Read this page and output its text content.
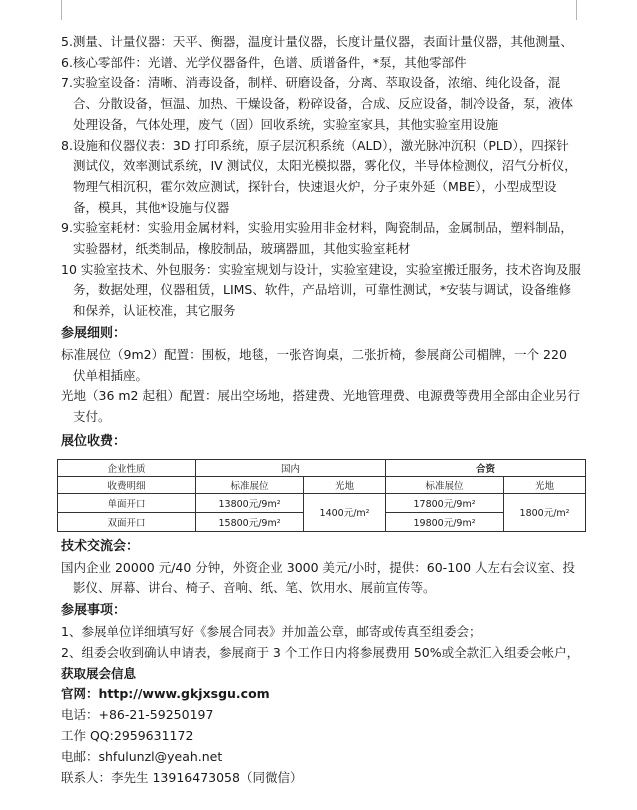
5.测量、计量仪器：天平、衡器，温度计量仪器，长度计量仪器，表面计量仪器，其他测量、

6.核心零部件：光谱、光学仪器备件，色谱、质谱备件，*泵，其他零部件

7.实验室设备：清晰、消毒设备，制样、研磨设备，分离、萃取设备，浓缩、纯化设备，混合、分散设备，恒温、加热、干燥设备，粉碎设备，合成、反应设备，制冷设备，泵，液体处理设备，气体处理，废气（固）回收系统，实验室家具，其他实验室用设施

8.设施和仪器仪表：3D 打印系统，原子层沉积系统（ALD），激光脉冲沉积（PLD），四探针测试仪，效率测试系统，IV 测试仪，太阳光模拟器，雾化仪，半导体检测仪，沼气分析仪，物理气相沉积，霍尔效应测试，探针台，快速退火炉，分子束外延（MBE），小型成型设备，模具，其他*设施与仪器

9.实验室耗材：实验用金属材料，实验用实验用非金材料，陶瓷制品，金属制品，塑料制品，实验器材，纸类制品，橡胶制品，玻璃器皿，其他实验室耗材

10 实验室技术、外包服务：实验室规划与设计，实验室建设，实验室搬迁服务，技术咨询及服务，数据处理，仪器租赁，LIMS、软件，产品培训，可靠性测试，*安装与调试，设备维修和保养，认证校准，其它服务

参展细则：

标准展位（9m2）配置：围板，地毯，一张咨询桌，二张折椅，参展商公司楣牌，一个 220 伏单相插座。

光地（36 m2 起租）配置：展出空场地，搭建费、光地管理费、电源费等费用全部由企业另行支付。

展位收费：

企业性质	国内		合资	
收费明细	标准展位	光地	标准展位	光地
单面开口	13800元/9m²	1400元/m²	17800元/9m²	1800元/m²
双面开口	15800元/9m²		19800元/9m²	

技术交流会：

国内企业 20000 元/40 分钟，外资企业 3000 美元/小时，提供：60-100 人左右会议室、投影仪、屏幕、讲台、椅子、音响、纸、笔、饮用水、展前宣传等。

参展事项：

1、参展单位详细填写好《参展合同表》并加盖公章，邮寄或传真至组委会；

2、组委会收到确认申请表，参展商于 3 个工作日内将参展费用 50%或全款汇入组委会帐户，

获取展会信息

官网：http://www.gkjxsgu.com

电话：+86-21-59250197

工作 QQ:2959631172

电邮：shfulunzl@yeah.net

联系人：李先生 13916473058（同微信）
